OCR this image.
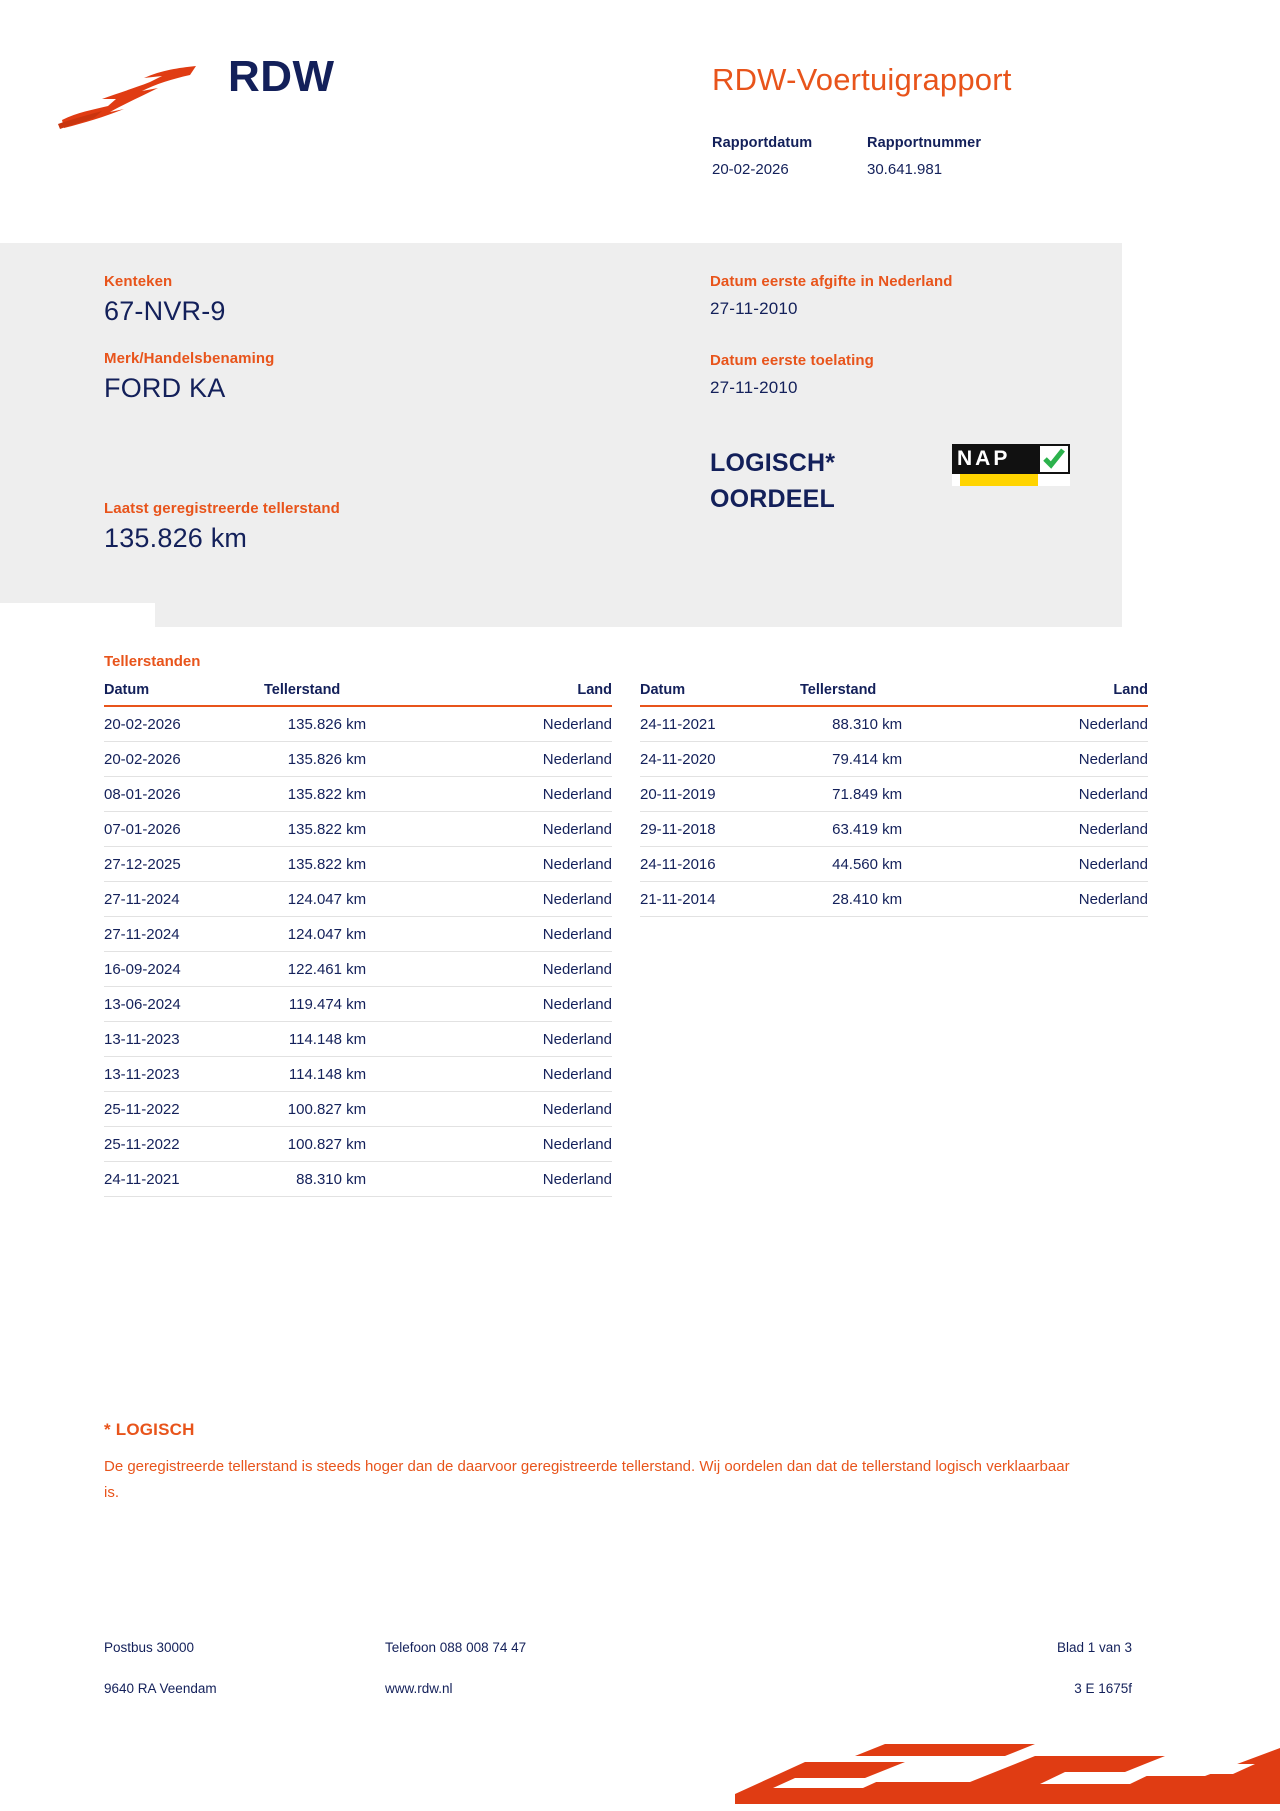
RDW	RDW-Voertuigrapport
Rapportdatum
20-02-2026
Rapportnummer
30.641.981
Kenteken
67-NVR-9
Merk/Handelsbenaming
FORD KA
Laatst geregistreerde tellerstand
135.826 km
Datum eerste afgifte in Nederland
27-11-2010
Datum eerste toelating
27-11-2010
LOGISCH*
OORDEEL
NAP
Tellerstanden
Datum	Tellerstand	Land
20-02-2026	135.826 km	Nederland
20-02-2026	135.826 km	Nederland
08-01-2026	135.822 km	Nederland
07-01-2026	135.822 km	Nederland
27-12-2025	135.822 km	Nederland
27-11-2024	124.047 km	Nederland
27-11-2024	124.047 km	Nederland
16-09-2024	122.461 km	Nederland
13-06-2024	119.474 km	Nederland
13-11-2023	114.148 km	Nederland
13-11-2023	114.148 km	Nederland
25-11-2022	100.827 km	Nederland
25-11-2022	100.827 km	Nederland
24-11-2021	88.310 km	Nederland
Datum	Tellerstand	Land
24-11-2021	88.310 km	Nederland
24-11-2020	79.414 km	Nederland
20-11-2019	71.849 km	Nederland
29-11-2018	63.419 km	Nederland
24-11-2016	44.560 km	Nederland
21-11-2014	28.410 km	Nederland
* LOGISCH
De geregistreerde tellerstand is steeds hoger dan de daarvoor geregistreerde tellerstand. Wij oordelen dan dat de tellerstand logisch verklaarbaar is.
Postbus 30000
9640 RA Veendam
Telefoon 088 008 74 47
www.rdw.nl
Blad 1 van 3
3 E 1675f
